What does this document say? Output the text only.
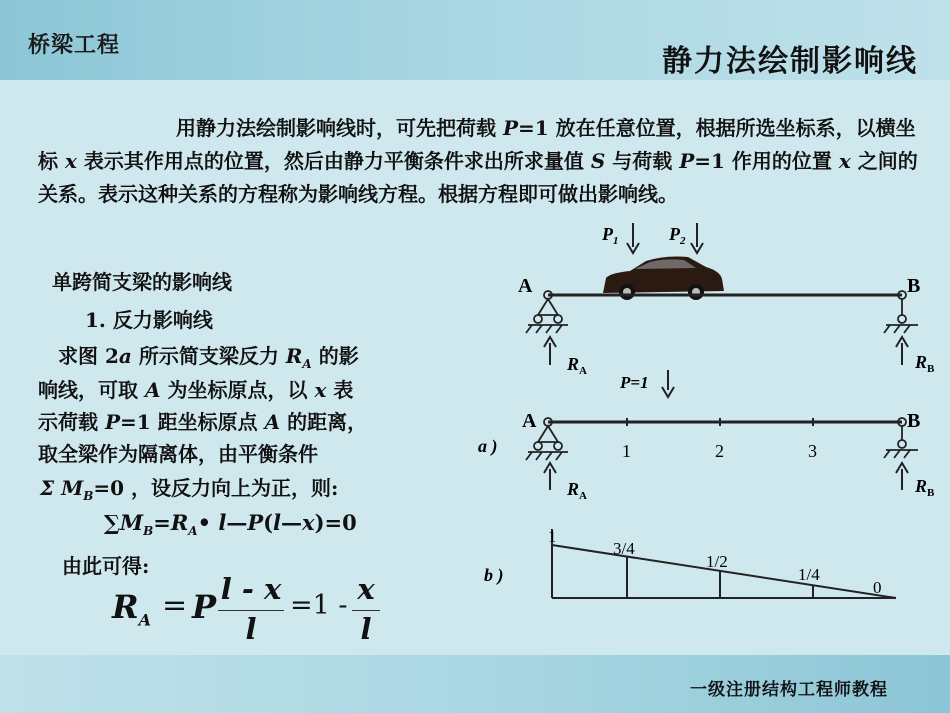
桥梁工程	静力法绘制影响线
用静力法绘制影响线时，可先把荷载 P=1 放在任意位置，根据所选坐标系，以横坐标 x 表示其作用点的位置，然后由静力平衡条件求出所求量值 S 与荷载 P=1 作用的位置 x 之间的关系。表示这种关系的方程称为影响线方程。根据方程即可做出影响线。
单跨简支梁的影响线
1. 反力影响线
求图 2a 所示简支梁反力 $R_A$ 的影
响线，可取 A 为坐标原点，以 x 表
示荷载 P=1 距坐标原点 A 的距离，
取全梁作为隔离体，由平衡条件
Σ $M_B=0$ ，设反力向上为正，则:
$\sum M_B=R_A•$ l—P(l—x)=0
由此可得:
$R_A = P$ l - x
l
=1 - x
l
$P_1$	$P_2$
A	B
$R_A$	$R_B$
P=1
A	B
1	2	3
a )
$R_A$	$R_B$
b )
1
3/4
1/2
1/4
0
一级注册结构工程师教程
